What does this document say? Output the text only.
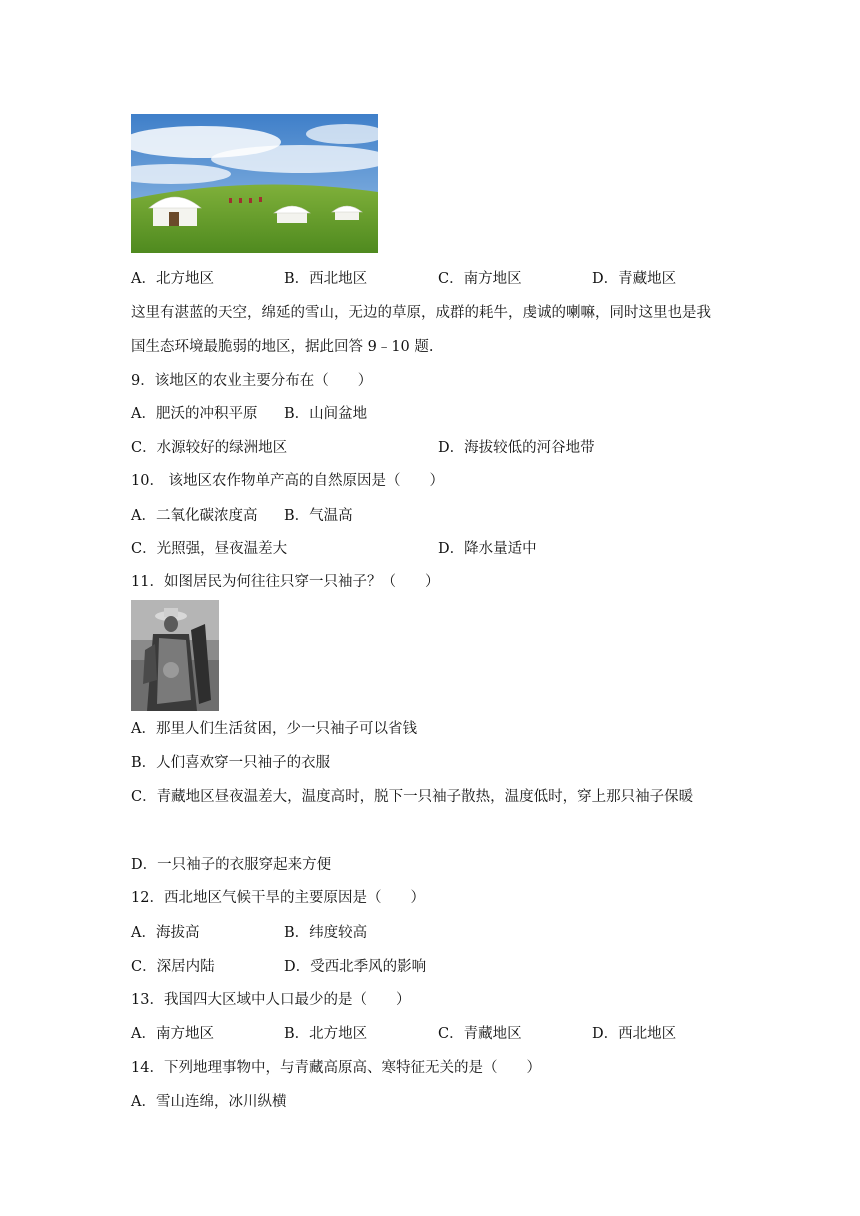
A．北方地区	B．西北地区	C．南方地区	D．青藏地区
这里有湛蓝的天空，绵延的雪山，无边的草原，成群的耗牛，虔诚的喇嘛，同时这里也是我
国生态环境最脆弱的地区，据此回答 9﹣10 题.
9．该地区的农业主要分布在（　　）
A．肥沃的冲积平原 B．山间盆地
C．水源较好的绿洲地区	D．海拔较低的河谷地带
10． 该地区农作物单产高的自然原因是（　　）
A．二氧化碳浓度高 B．气温高
C．光照强，昼夜温差大	D．降水量适中
11．如图居民为何往往只穿一只袖子？（　　）
A．那里人们生活贫困，少一只袖子可以省钱
B．人们喜欢穿一只袖子的衣服
C．青藏地区昼夜温差大，温度高时，脱下一只袖子散热，温度低时，穿上那只袖子保暖
D．一只袖子的衣服穿起来方便
12．西北地区气候干旱的主要原因是（　　）
A．海拔高	B．纬度较高
C．深居内陆	D．受西北季风的影响
13．我国四大区域中人口最少的是（　　）
A．南方地区	B．北方地区	C．青藏地区	D．西北地区
14．下列地理事物中，与青藏高原高、寒特征无关的是（　　）
A．雪山连绵，冰川纵横
